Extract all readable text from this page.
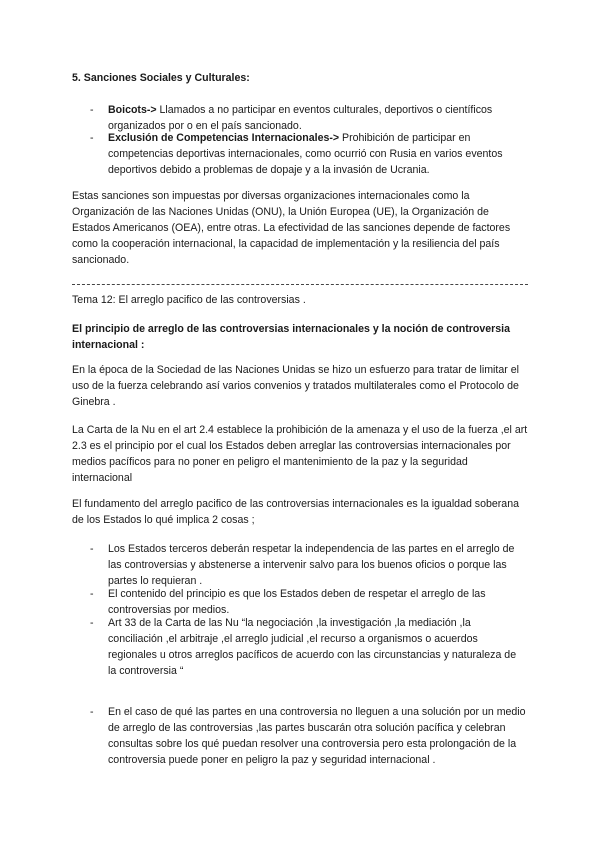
5. Sanciones Sociales y Culturales:

-	Boicots-> Llamados a no participar en eventos culturales, deportivos o científicos organizados por o en el país sancionado.

-	Exclusión de Competencias Internacionales-> Prohibición de participar en competencias deportivas internacionales, como ocurrió con Rusia en varios eventos deportivos debido a problemas de dopaje y a la invasión de Ucrania.

Estas sanciones son impuestas por diversas organizaciones internacionales como la Organización de las Naciones Unidas (ONU), la Unión Europea (UE), la Organización de Estados Americanos (OEA), entre otras. La efectividad de las sanciones depende de factores como la cooperación internacional, la capacidad de implementación y la resiliencia del país sancionado.

Tema 12: El arreglo pacifico de las controversias .

El principio de arreglo de las controversias internacionales y la noción de controversia internacional :

En la época de la Sociedad de las Naciones Unidas se hizo un esfuerzo para tratar de limitar el uso de la fuerza celebrando así varios convenios y tratados multilaterales como el Protocolo de Ginebra .

La Carta de la Nu en el art 2.4 establece la prohibición de la amenaza y el uso de la fuerza ,el art 2.3 es el principio por el cual los Estados deben arreglar las controversias internacionales por medios pacíficos para no poner en peligro el mantenimiento de la paz y la seguridad internacional

El fundamento del arreglo pacifico de las controversias internacionales es la igualdad soberana de los Estados lo qué implica 2 cosas ;

-	Los Estados terceros deberán respetar la independencia de las partes en el arreglo de las controversias y abstenerse a intervenir salvo para los buenos oficios o porque las partes lo requieran .

-	El contenido del principio es que los Estados deben de respetar el arreglo de las controversias por medios.

-	Art 33 de la Carta de las Nu “la negociación ,la investigación ,la mediación ,la conciliación ,el arbitraje ,el arreglo judicial ,el recurso a organismos o acuerdos regionales u otros arreglos pacíficos de acuerdo con las circunstancias y naturaleza de la controversia “

-	En el caso de qué las partes en una controversia no lleguen a una solución por un medio de arreglo de las controversias ,las partes buscarán otra solución pacífica y celebran consultas sobre los qué puedan resolver una controversia pero esta prolongación de la controversia puede poner en peligro la paz y seguridad internacional .
